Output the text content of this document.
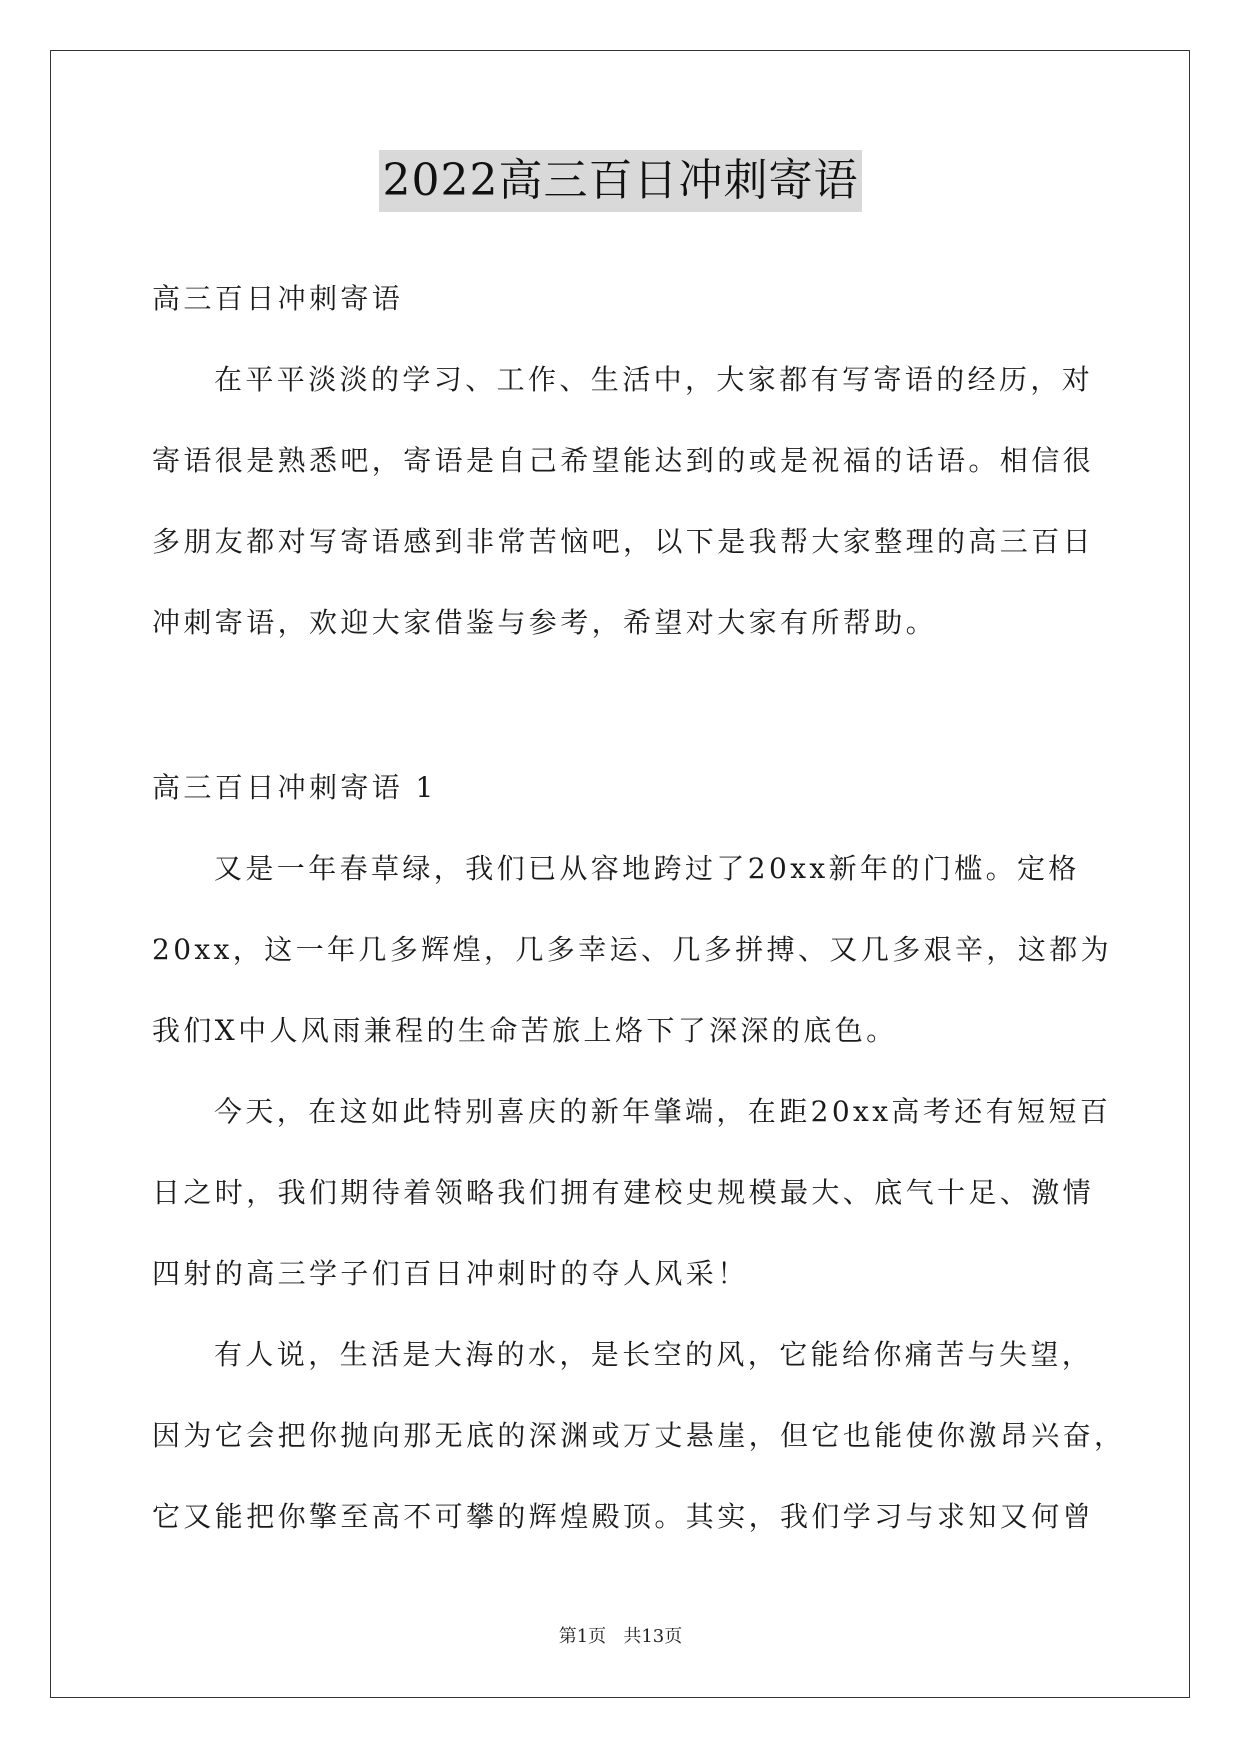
2022高三百日冲刺寄语
高三百日冲刺寄语
在平平淡淡的学习、工作、生活中，大家都有写寄语的经历，对
寄语很是熟悉吧，寄语是自己希望能达到的或是祝福的话语。相信很
多朋友都对写寄语感到非常苦恼吧，以下是我帮大家整理的高三百日
冲刺寄语，欢迎大家借鉴与参考，希望对大家有所帮助。
高三百日冲刺寄语 1
又是一年春草绿，我们已从容地跨过了20xx新年的门槛。定格
20xx，这一年几多辉煌，几多幸运、几多拼搏、又几多艰辛，这都为
我们X中人风雨兼程的生命苦旅上烙下了深深的底色。
今天，在这如此特别喜庆的新年肇端，在距20xx高考还有短短百
日之时，我们期待着领略我们拥有建校史规模最大、底气十足、激情
四射的高三学子们百日冲刺时的夺人风采！
有人说，生活是大海的水，是长空的风，它能给你痛苦与失望，
因为它会把你抛向那无底的深渊或万丈悬崖，但它也能使你激昂兴奋，
它又能把你擎至高不可攀的辉煌殿顶。其实，我们学习与求知又何曾
第1页   共13页
